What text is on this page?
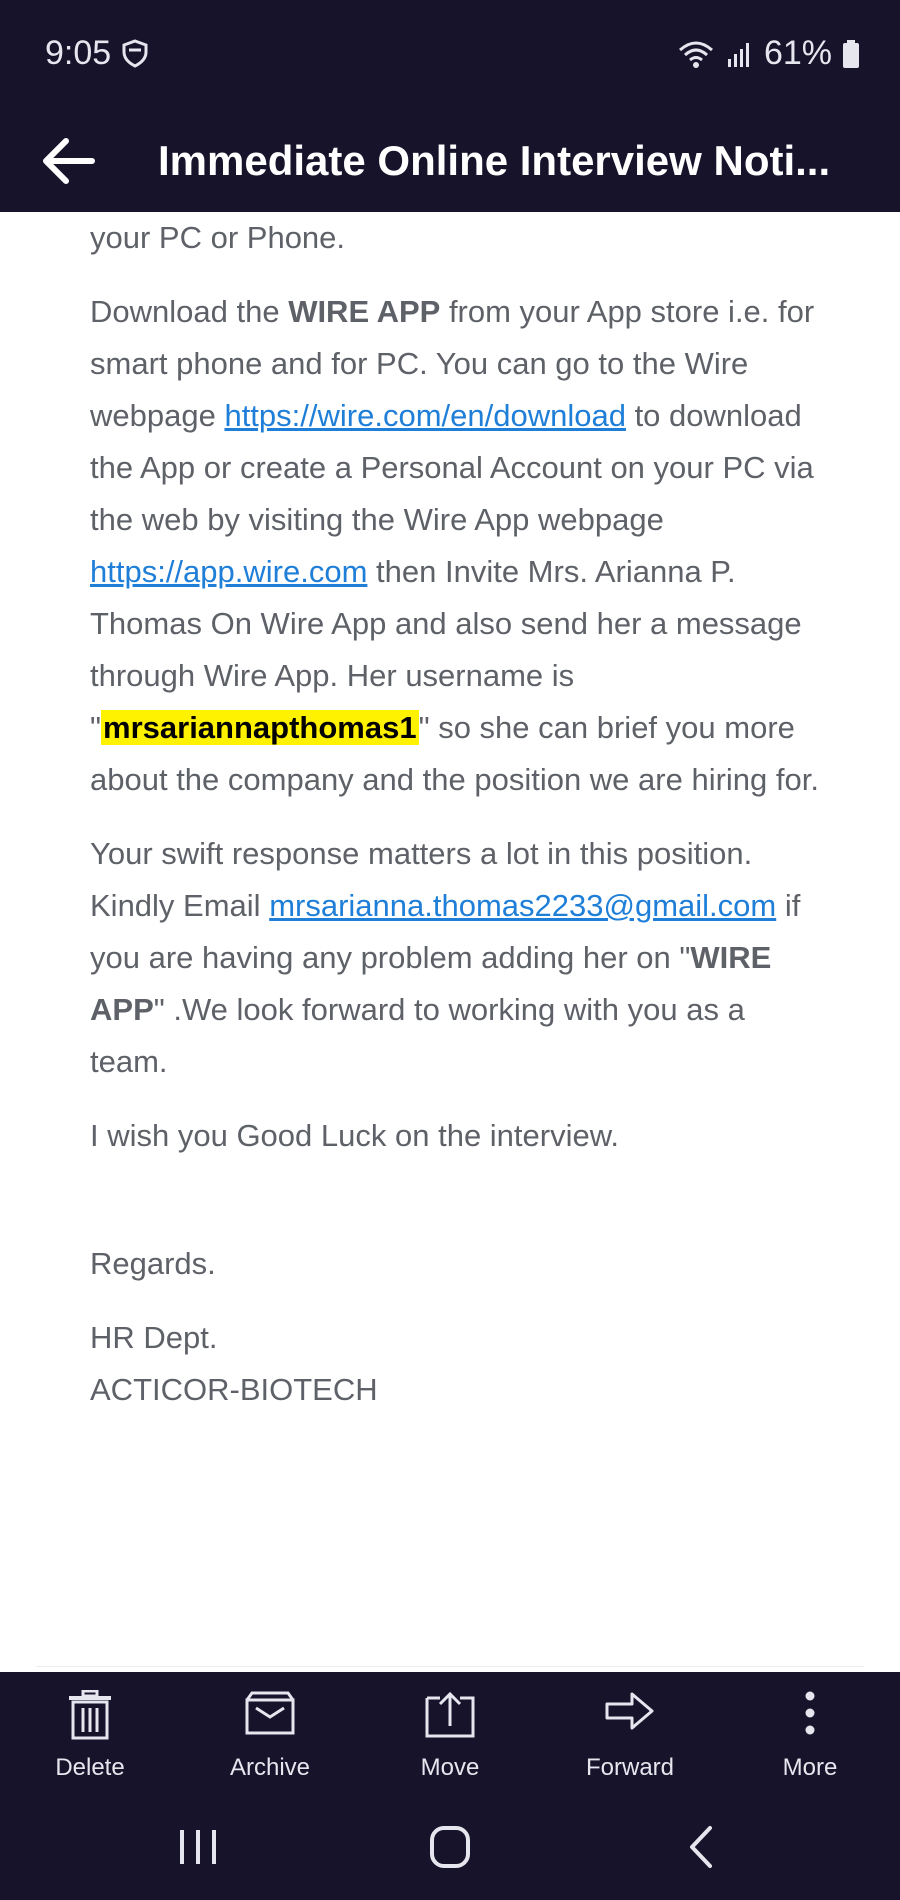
9:05	61%
Immediate Online Interview Noti...

your PC or Phone.

Download the WIRE APP from your App store i.e. for smart phone and for PC. You can go to the Wire webpage https://wire.com/en/download to download the App or create a Personal Account on your PC via the web by visiting the Wire App webpage https://app.wire.com then Invite Mrs. Arianna P. Thomas On Wire App and also send her a message through Wire App. Her username is "mrsariannapthomas1" so she can brief you more about the company and the position we are hiring for.

Your swift response matters a lot in this position. Kindly Email mrsarianna.thomas2233@gmail.com if you are having any problem adding her on "WIRE APP" .We look forward to working with you as a team.

I wish you Good Luck on the interview.

Regards.

HR Dept.
ACTICOR-BIOTECH

Delete	Archive	Move	Forward	More
